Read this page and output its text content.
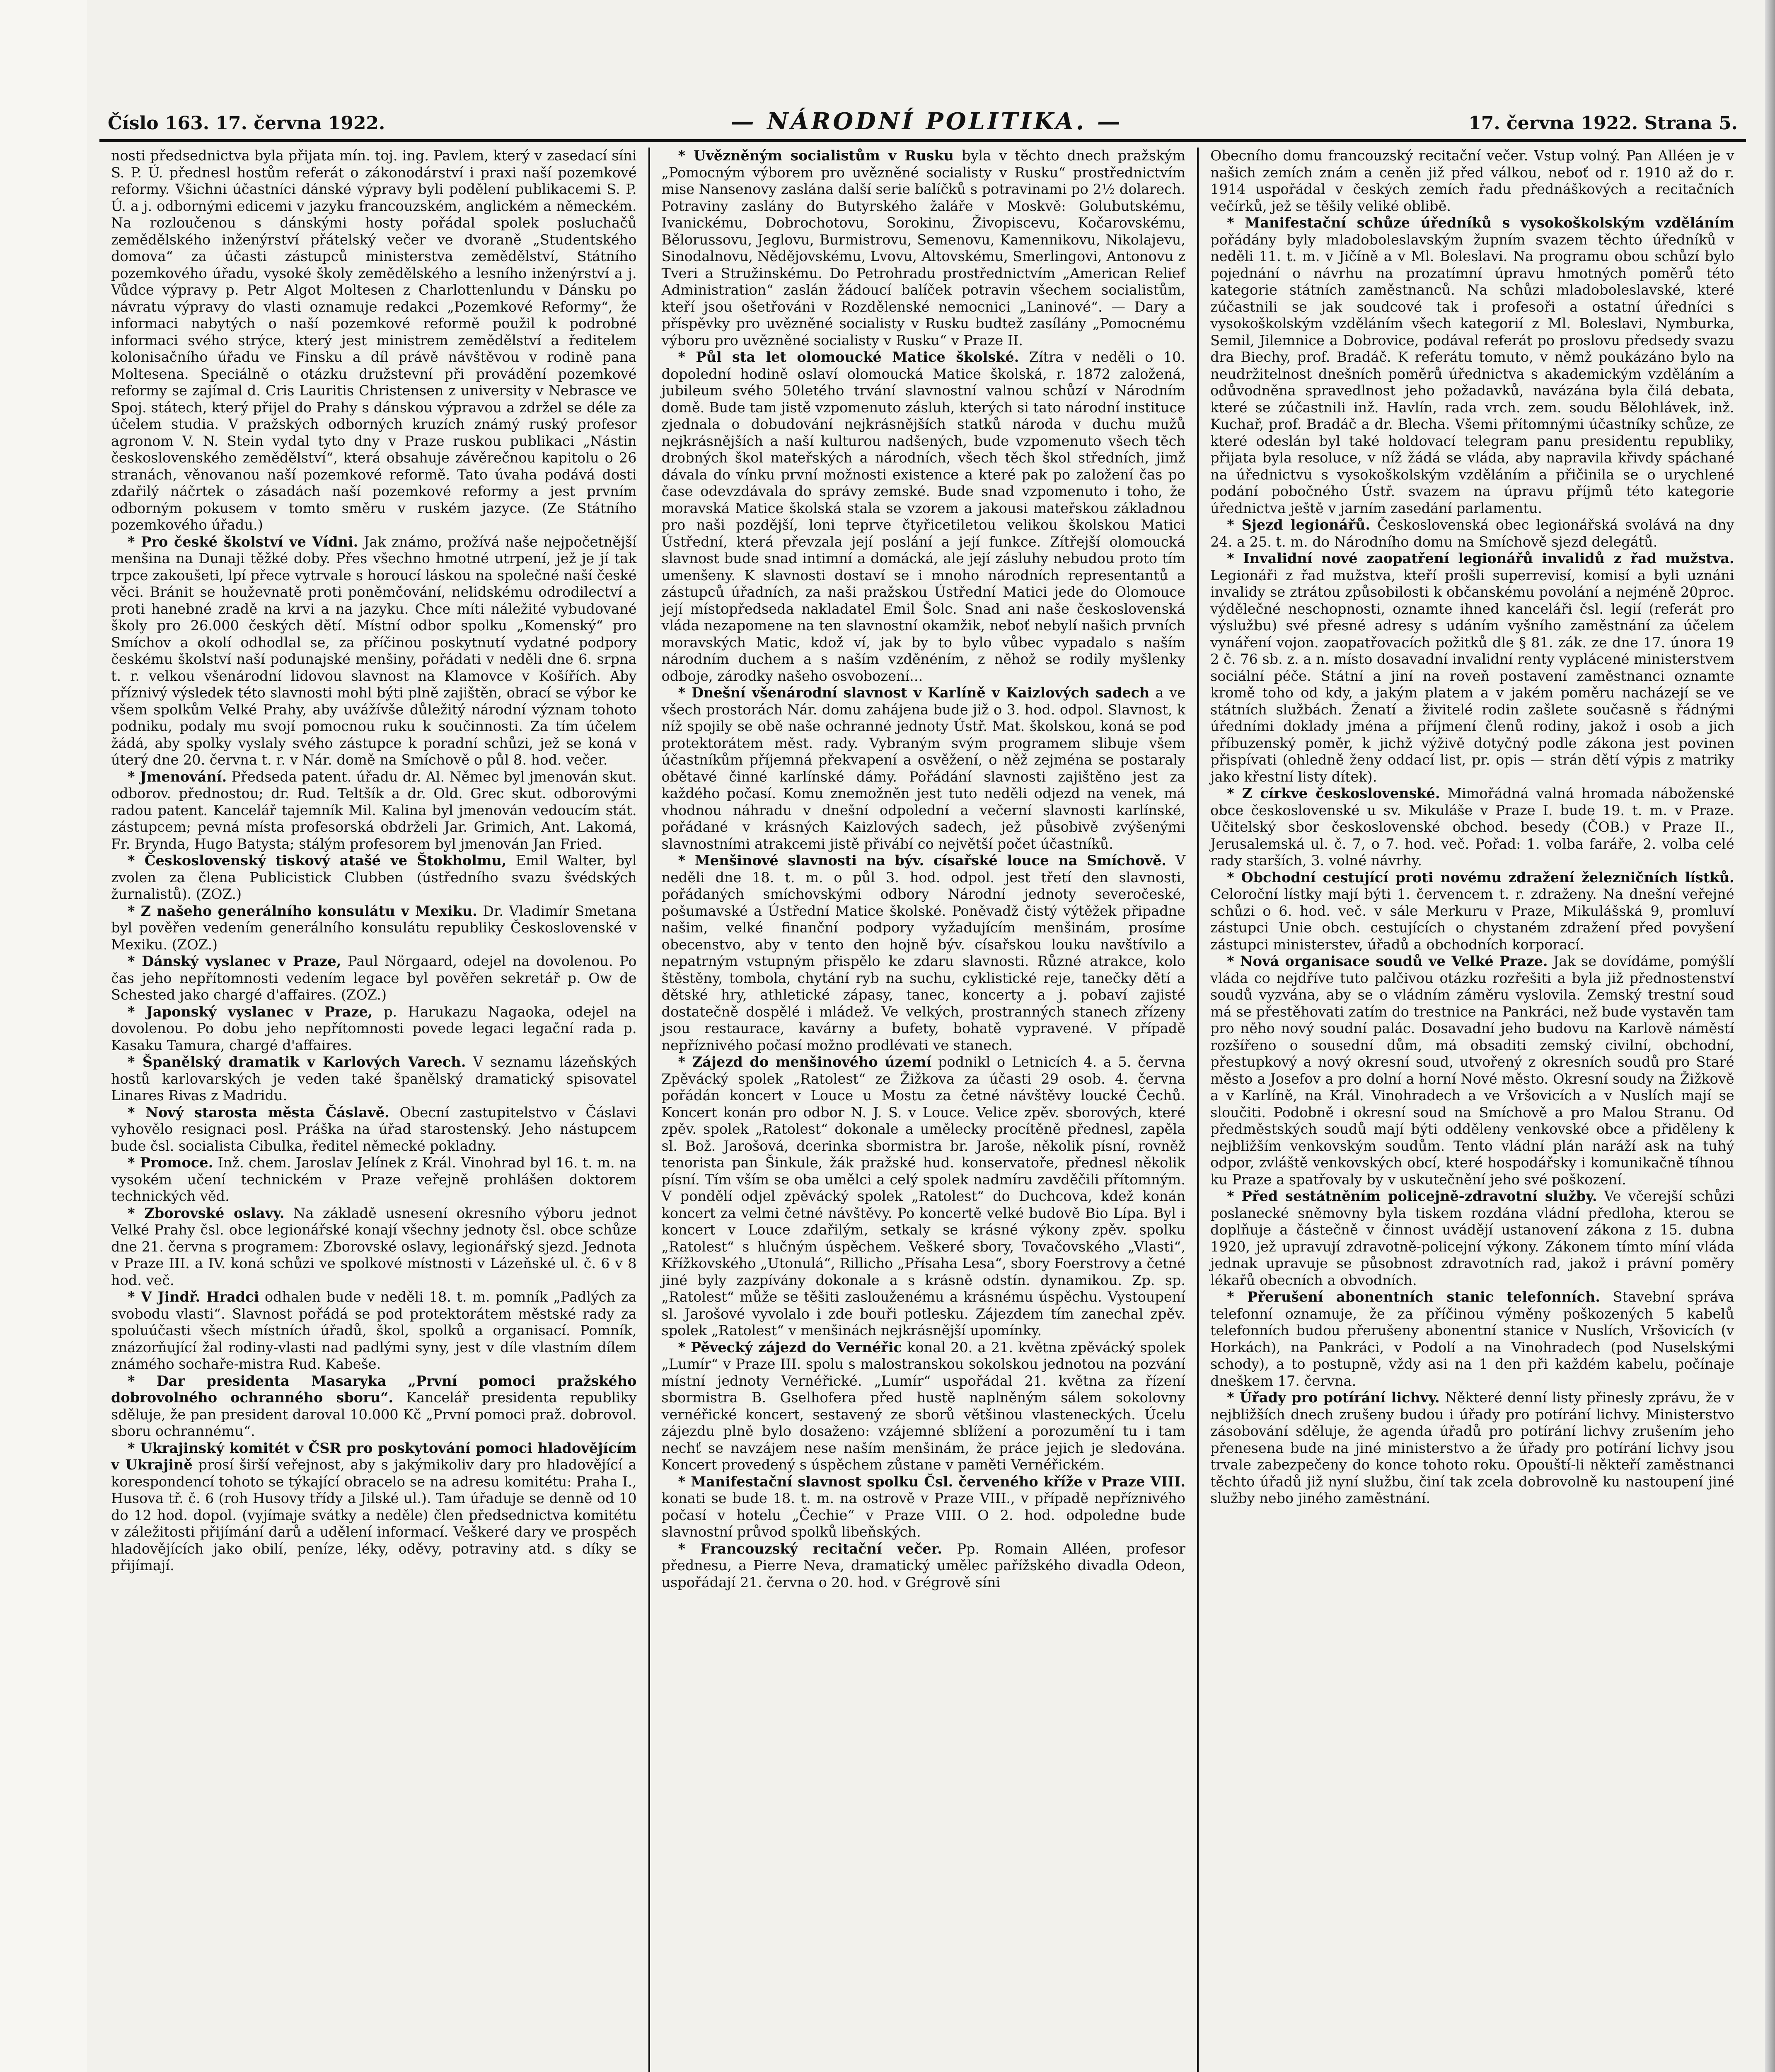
Číslo 163. 17. června 1922.	— NÁRODNÍ POLITIKA. —	17. června 1922. Strana 5.

nosti předsednictva byla přijata mín. toj. ing. Pavlem, který v zasedací síni S. P. Ú. přednesl hostům referát o zákonodárství i praxi naší pozemkové reformy. Všichni účastníci dánské výpravy byli podělení publikacemi S. P. Ú. a j. odbornými edicemi v jazyku francouzském, anglickém a německém. Na rozloučenou s dánskými hosty pořádal spolek posluchačů zemědělského inženýrství přátelský večer ve dvoraně „Studentského domova“ za účasti zástupců ministerstva zemědělství, Státního pozemkového úřadu, vysoké školy zemědělského a lesního inženýrství a j. Vůdce výpravy p. Petr Algot Moltesen z Charlottenlundu v Dánsku po návratu výpravy do vlasti oznamuje redakci „Pozemkové Reformy“, že informaci nabytých o naší pozemkové reformě použil k podrobné informaci svého strýce, který jest ministrem zemědělství a ředitelem kolonisačního úřadu ve Finsku a díl právě návštěvou v rodině pana Moltesena. Speciálně o otázku družstevní při provádění pozemkové reformy se zajímal d. Cris Lauritis Christensen z university v Nebrasce ve Spoj. státech, který přijel do Prahy s dánskou výpravou a zdržel se déle za účelem studia. V pražských odborných kruzích známý ruský profesor agronom V. N. Stein vydal tyto dny v Praze ruskou publikaci „Nástin československého zemědělství“, která obsahuje závěrečnou kapitolu o 26 stranách, věnovanou naší pozemkové reformě. Tato úvaha podává dosti zdařilý náčrtek o zásadách naší pozemkové reformy a jest prvním odborným pokusem v tomto směru v ruském jazyce. (Ze Státního pozemkového úřadu.)

* Pro české školství ve Vídni. Jak známo, prožívá naše nejpočetnější menšina na Dunaji těžké doby. Přes všechno hmotné utrpení, jež je jí tak trpce zakoušeti, lpí přece vytrvale s horoucí láskou na společné naší české věci. Bránit se houževnatě proti poněmčování, nelidskému odrodilectví a proti hanebné zradě na krvi a na jazyku. Chce míti náležité vybudované školy pro 26.000 českých dětí. Místní odbor spolku „Komenský“ pro Smíchov a okolí odhodlal se, za příčinou poskytnutí vydatné podpory českému školství naší podunajské menšiny, pořádati v neděli dne 6. srpna t. r. velkou všenárodní lidovou slavnost na Klamovce v Košířích. Aby příznivý výsledek této slavnosti mohl býti plně zajištěn, obrací se výbor ke všem spolkům Velké Prahy, aby uvážívše důležitý národní význam tohoto podniku, podaly mu svojí pomocnou ruku k součinnosti. Za tím účelem žádá, aby spolky vyslaly svého zástupce k poradní schůzi, jež se koná v úterý dne 20. června t. r. v Nár. domě na Smíchově o půl 8. hod. večer.

* Jmenování. Předseda patent. úřadu dr. Al. Němec byl jmenován skut. odborov. přednostou; dr. Rud. Teltšík a dr. Old. Grec skut. odborovými radou patent. Kancelář tajemník Mil. Kalina byl jmenován vedoucím stát. zástupcem; pevná místa profesorská obdrželi Jar. Grimich, Ant. Lakomá, Fr. Brynda, Hugo Batysta; stálým profesorem byl jmenován Jan Fried.

* Československý tiskový atašé ve Štokholmu, Emil Walter, byl zvolen za člena Publicistick Clubben (ústředního svazu švédských žurnalistů). (ZOZ.)

* Z našeho generálního konsulátu v Mexiku. Dr. Vladimír Smetana byl pověřen vedením generálního konsulátu republiky Československé v Mexiku. (ZOZ.)

* Dánský vyslanec v Praze, Paul Nörgaard, odejel na dovolenou. Po čas jeho nepřítomnosti vedením legace byl pověřen sekretář p. Ow de Schested jako chargé d'affaires. (ZOZ.)

* Japonský vyslanec v Praze, p. Harukazu Nagaoka, odejel na dovolenou. Po dobu jeho nepřítomnosti povede legaci legační rada p. Kasaku Tamura, chargé d'affaires.

* Španělský dramatik v Karlových Varech. V seznamu lázeňských hostů karlovarských je veden také španělský dramatický spisovatel Linares Rivas z Madridu.

* Nový starosta města Čáslavě. Obecní zastupitelstvo v Čáslavi vyhovělo resignaci posl. Práška na úřad starostenský. Jeho nástupcem bude čsl. socialista Cibulka, ředitel německé pokladny.

* Promoce. Inž. chem. Jaroslav Jelínek z Král. Vinohrad byl 16. t. m. na vysokém učení technickém v Praze veřejně prohlášen doktorem technických věd.

* Zborovské oslavy. Na základě usnesení okresního výboru jednot Velké Prahy čsl. obce legionářské konají všechny jednoty čsl. obce schůze dne 21. června s programem: Zborovské oslavy, legionářský sjezd. Jednota v Praze III. a IV. koná schůzi ve spolkové místnosti v Lázeňské ul. č. 6 v 8 hod. več.

* V Jindř. Hradci odhalen bude v neděli 18. t. m. pomník „Padlých za svobodu vlasti“. Slavnost pořádá se pod protektorátem městské rady za spoluúčasti všech místních úřadů, škol, spolků a organisací. Pomník, znázorňující žal rodiny-vlasti nad padlými syny, jest v díle vlastním dílem známého sochaře-mistra Rud. Kabeše.

* Dar presidenta Masaryka „První pomoci pražského dobrovolného ochranného sboru“. Kancelář presidenta republiky sděluje, že pan president daroval 10.000 Kč „První pomoci praž. dobrovol. sboru ochrannému“.

* Ukrajinský komitét v ČSR pro poskytování pomoci hladovějícím v Ukrajině prosí širší veřejnost, aby s jakýmikoliv dary pro hladovějící a korespondencí tohoto se týkající obracelo se na adresu komitétu: Praha I., Husova tř. č. 6 (roh Husovy třídy a Jilské ul.). Tam úřaduje se denně od 10 do 12 hod. dopol. (vyjímaje svátky a neděle) člen předsednictva komitétu v záležitosti přijímání darů a udělení informací. Veškeré dary ve prospěch hladovějících jako obilí, peníze, léky, oděvy, potraviny atd. s díky se přijímají.

* Uvězněným socialistům v Rusku byla v těchto dnech pražským „Pomocným výborem pro uvězněné socialisty v Rusku“ prostřednictvím mise Nansenovy zaslána další serie balíčků s potravinami po 2½ dolarech. Potraviny zaslány do Butyrského žaláře v Moskvě: Golubutskému, Ivanickému, Dobrochotovu, Sorokinu, Živopiscevu, Kočarovskému, Bělorussovu, Jeglovu, Burmistrovu, Semenovu, Kamennikovu, Nikolajevu, Sinodalnovu, Nědějovskému, Lvovu, Altovskému, Smerlingovi, Antonovu z Tveri a Stružinskému. Do Petrohradu prostřednictvím „American Relief Administration“ zaslán žádoucí balíček potravin všechem socialistům, kteří jsou ošetřováni v Rozdělenské nemocnici „Laninové“. — Dary a příspěvky pro uvězněné socialisty v Rusku budtež zasílány „Pomocnému výboru pro uvězněné socialisty v Rusku“ v Praze II.

* Půl sta let olomoucké Matice školské. Zítra v neděli o 10. dopolední hodině oslaví olomoucká Matice školská, r. 1872 založená, jubileum svého 50letého trvání slavnostní valnou schůzí v Národním domě. Bude tam jistě vzpomenuto zásluh, kterých si tato národní instituce zjednala o dobudování nejkrásnějších statků národa v duchu mužů nejkrásnějších a naší kulturou nadšených, bude vzpomenuto všech těch drobných škol mateřských a národních, všech těch škol středních, jimž dávala do vínku první možnosti existence a které pak po založení čas po čase odevzdávala do správy zemské. Bude snad vzpomenuto i toho, že moravská Matice školská stala se vzorem a jakousi mateřskou základnou pro naši pozdější, loni teprve čtyřicetiletou velikou školskou Matici Ústřední, která převzala její poslání a její funkce. Zítřejší olomoucká slavnost bude snad intimní a domácká, ale její zásluhy nebudou proto tím umenšeny. K slavnosti dostaví se i mnoho národních representantů a zástupců úřadních, za naši pražskou Ústřední Matici jede do Olomouce její místopředseda nakladatel Emil Šolc. Snad ani naše československá vláda nezapomene na ten slavnostní okamžik, neboť nebylí našich prvních moravských Matic, kdož ví, jak by to bylo vůbec vypadalo s naším národním duchem a s naším vzděnéním, z něhož se rodily myšlenky odboje, zárodky našeho osvobození...

* Dnešní všenárodní slavnost v Karlíně v Kaizlových sadech a ve všech prostorách Nár. domu zahájena bude již o 3. hod. odpol. Slavnost, k níž spojily se obě naše ochranné jednoty Ústř. Mat. školskou, koná se pod protektorátem měst. rady. Vybraným svým programem slibuje všem účastníkům příjemná překvapení a osvěžení, o něž zejména se postaraly obětavé činné karlínské dámy. Pořádání slavnosti zajištěno jest za každého počasí. Komu znemožněn jest tuto neděli odjezd na venek, má vhodnou náhradu v dnešní odpolední a večerní slavnosti karlínské, pořádané v krásných Kaizlových sadech, jež působivě zvýšenými slavnostními atrakcemi jistě přivábí co největší počet účastníků.

* Menšinové slavnosti na býv. císařské louce na Smíchově. V neděli dne 18. t. m. o půl 3. hod. odpol. jest třetí den slavnosti, pořádaných smíchovskými odbory Národní jednoty severočeské, pošumavské a Ústřední Matice školské. Poněvadž čistý výtěžek připadne našim, velké finanční podpory vyžadujícím menšinám, prosíme obecenstvo, aby v tento den hojně býv. císařskou louku navštívilo a nepatrným vstupným přispělo ke zdaru slavnosti. Různé atrakce, kolo štěstěny, tombola, chytání ryb na suchu, cyklistické reje, tanečky dětí a dětské hry, athletické zápasy, tanec, koncerty a j. pobaví zajisté dostatečně dospělé i mládež. Ve velkých, prostranných stanech zřízeny jsou restaurace, kavárny a bufety, bohatě vypravené. V případě nepříznivého počasí možno prodlévati ve stanech.

* Zájezd do menšinového území podnikl o Letnicích 4. a 5. června Zpěvácký spolek „Ratolest“ ze Žižkova za účasti 29 osob. 4. června pořádán koncert v Louce u Mostu za četné návštěvy loucké Čechů. Koncert konán pro odbor N. J. S. v Louce. Velice zpěv. sborových, které zpěv. spolek „Ratolest“ dokonale a umělecky procítěně přednesl, zapěla sl. Bož. Jarošová, dcerinka sbormistra br. Jaroše, několik písní, rovněž tenorista pan Šinkule, žák pražské hud. konservatoře, přednesl několik písní. Tím vším se oba umělci a celý spolek nadmíru zavděčili přítomným. V pondělí odjel zpěvácký spolek „Ratolest“ do Duchcova, kdež konán koncert za velmi četné návštěvy. Po koncertě velké budově Bio Lípa. Byl i koncert v Louce zdařilým, setkaly se krásné výkony zpěv. spolku „Ratolest“ s hlučným úspěchem. Veškeré sbory, Tovačovského „Vlasti“, Křížkovského „Utonulá“, Rillicho „Přísaha Lesa“, sbory Foerstrovy a četné jiné byly zazpívány dokonale a s krásně odstín. dynamikou. Zp. sp. „Ratolest“ může se těšiti zaslouženému a krásnému úspěchu. Vystoupení sl. Jarošové vyvolalo i zde bouři potlesku. Zájezdem tím zanechal zpěv. spolek „Ratolest“ v menšinách nejkrásnější upomínky.

* Pěvecký zájezd do Vernéřic konal 20. a 21. května zpěvácký spolek „Lumír“ v Praze III. spolu s malostranskou sokolskou jednotou na pozvání místní jednoty Vernéřické. „Lumír“ uspořádal 21. května za řízení sbormistra B. Gselhofera před hustě naplněným sálem sokolovny vernéřické koncert, sestavený ze sborů většinou vlasteneckých. Úcelu zájezdu plně bylo dosaženo: vzájemné sblížení a porozumění tu i tam nechť se navzájem nese naším menšinám, že práce jejich je sledována. Koncert provedený s úspěchem zůstane v paměti Vernéřickém.

* Manifestační slavnost spolku Čsl. červeného kříže v Praze VIII. konati se bude 18. t. m. na ostrově v Praze VIII., v případě nepříznivého počasí v hotelu „Čechie“ v Praze VIII. O 2. hod. odpoledne bude slavnostní průvod spolků libeňských.

* Francouzský recitační večer. Pp. Romain Alléen, profesor přednesu, a Pierre Neva, dramatický umělec pařížského divadla Odeon, uspořádají 21. června o 20. hod. v Grégrově síni

Obecního domu francouzský recitační večer. Vstup volný. Pan Alléen je v našich zemích znám a ceněn již před válkou, neboť od r. 1910 až do r. 1914 uspořádal v českých zemích řadu přednáškových a recitačních večírků, jež se těšily veliké oblibě.

* Manifestační schůze úředníků s vysokoškolským vzděláním pořádány byly mladoboleslavským župním svazem těchto úředníků v neděli 11. t. m. v Jičíně a v Ml. Boleslavi. Na programu obou schůzí bylo pojednání o návrhu na prozatímní úpravu hmotných poměrů této kategorie státních zaměstnanců. Na schůzi mladoboleslavské, které zúčastnili se jak soudcové tak i profesoři a ostatní úředníci s vysokoškolským vzděláním všech kategorií z Ml. Boleslavi, Nymburka, Semil, Jilemnice a Dobrovice, podával referát po proslovu předsedy svazu dra Biechy, prof. Bradáč. K referátu tomuto, v němž poukázáno bylo na neudržitelnost dnešních poměrů úřednictva s akademickým vzděláním a odůvodněna spravedlnost jeho požadavků, navázána byla čilá debata, které se zúčastnili inž. Havlín, rada vrch. zem. soudu Bělohlávek, inž. Kuchař, prof. Bradáč a dr. Blecha. Všemi přítomnými účastníky schůze, ze které odeslán byl také holdovací telegram panu presidentu republiky, přijata byla resoluce, v níž žádá se vláda, aby napravila křivdy spáchané na úřednictvu s vysokoškolským vzděláním a přičinila se o urychlené podání pobočného Ústř. svazem na úpravu příjmů této kategorie úřednictva ještě v jarním zasedání parlamentu.

* Sjezd legionářů. Československá obec legionářská svolává na dny 24. a 25. t. m. do Národního domu na Smíchově sjezd delegátů.

* Invalidní nové zaopatření legionářů invalidů z řad mužstva. Legionáři z řad mužstva, kteří prošli superrevisí, komisí a byli uznáni invalidy se ztrátou způsobilosti k občanskému povolání a nejméně 20proc. výdělečné neschopnosti, oznamte ihned kanceláři čsl. legií (referát pro výslužbu) své přesné adresy s udáním vyšního zaměstnání za účelem vynáření vojon. zaopatřovacích požitků dle § 81. zák. ze dne 17. února 19 2 č. 76 sb. z. a n. místo dosavadní invalidní renty vyplácené ministerstvem sociální péče. Státní a jiní na roveň postavení zaměstnanci oznamte kromě toho od kdy, a jakým platem a v jakém poměru nacházejí se ve státních službách. Ženatí a živitelé rodin zašlete současně s řádnými úředními doklady jména a příjmení členů rodiny, jakož i osob a jich příbuzenský poměr, k jichž výživě dotyčný podle zákona jest povinen přispívati (ohledně ženy oddací list, pr. opis — strán dětí výpis z matriky jako křestní listy dítek).

* Z církve československé. Mimořádná valná hromada náboženské obce československé u sv. Mikuláše v Praze I. bude 19. t. m. v Praze. Učitelský sbor československé obchod. besedy (ČOB.) v Praze II., Jerusalemská ul. č. 7, o 7. hod. več. Pořad: 1. volba faráře, 2. volba celé rady starších, 3. volné návrhy.

* Obchodní cestující proti novému zdražení železničních lístků. Celoroční lístky mají býti 1. červencem t. r. zdraženy. Na dnešní veřejné schůzi o 6. hod. več. v sále Merkuru v Praze, Mikulášská 9, promluví zástupci Unie obch. cestujících o chystaném zdražení před povyšení zástupci ministerstev, úřadů a obchodních korporací.

* Nová organisace soudů ve Velké Praze. Jak se dovídáme, pomýšlí vláda co nejdříve tuto palčivou otázku rozřešiti a byla již přednostenství soudů vyzvána, aby se o vládním záměru vyslovila. Zemský trestní soud má se přestěhovati zatím do trestnice na Pankráci, než bude vystavěn tam pro něho nový soudní palác. Dosavadní jeho budovu na Karlově náměstí rozšířeno o sousední dům, má obsaditi zemský civilní, obchodní, přestupkový a nový okresní soud, utvořený z okresních soudů pro Staré město a Josefov a pro dolní a horní Nové město. Okresní soudy na Žižkově a v Karlíně, na Král. Vinohradech a ve Vršovicích a v Nuslích mají se sloučiti. Podobně i okresní soud na Smíchově a pro Malou Stranu. Od předměstských soudů mají býti odděleny venkovské obce a přiděleny k nejbližším venkovským soudům. Tento vládní plán naráží ask na tuhý odpor, zvláště venkovských obcí, které hospodářsky i komunikačně tíhnou ku Praze a spatřovaly by v uskutečnění jeho své poškození.

* Před sestátněním policejně-zdravotní služby. Ve včerejší schůzi poslanecké sněmovny byla tiskem rozdána vládní předloha, kterou se doplňuje a částečně v činnost uvádějí ustanovení zákona z 15. dubna 1920, jež upravují zdravotně-policejní výkony. Zákonem tímto míní vláda jednak upravuje se působnost zdravotních rad, jakož i právní poměry lékařů obecních a obvodních.

* Přerušení abonentních stanic telefonních. Stavební správa telefonní oznamuje, že za příčinou výměny poškozených 5 kabelů telefonních budou přerušeny abonentní stanice v Nuslích, Vršovicích (v Horkách), na Pankráci, v Podolí a na Vinohradech (pod Nuselskými schody), a to postupně, vždy asi na 1 den při každém kabelu, počínaje dneškem 17. června.

* Úřady pro potírání lichvy. Některé denní listy přinesly zprávu, že v nejbližších dnech zrušeny budou i úřady pro potírání lichvy. Ministerstvo zásobování sděluje, že agenda úřadů pro potírání lichvy zrušením jeho přenesena bude na jiné ministerstvo a že úřady pro potírání lichvy jsou trvale zabezpečeny do konce tohoto roku. Opouští-li někteří zaměstnanci těchto úřadů již nyní službu, činí tak zcela dobrovolně ku nastoupení jiné služby nebo jiného zaměstnání.
